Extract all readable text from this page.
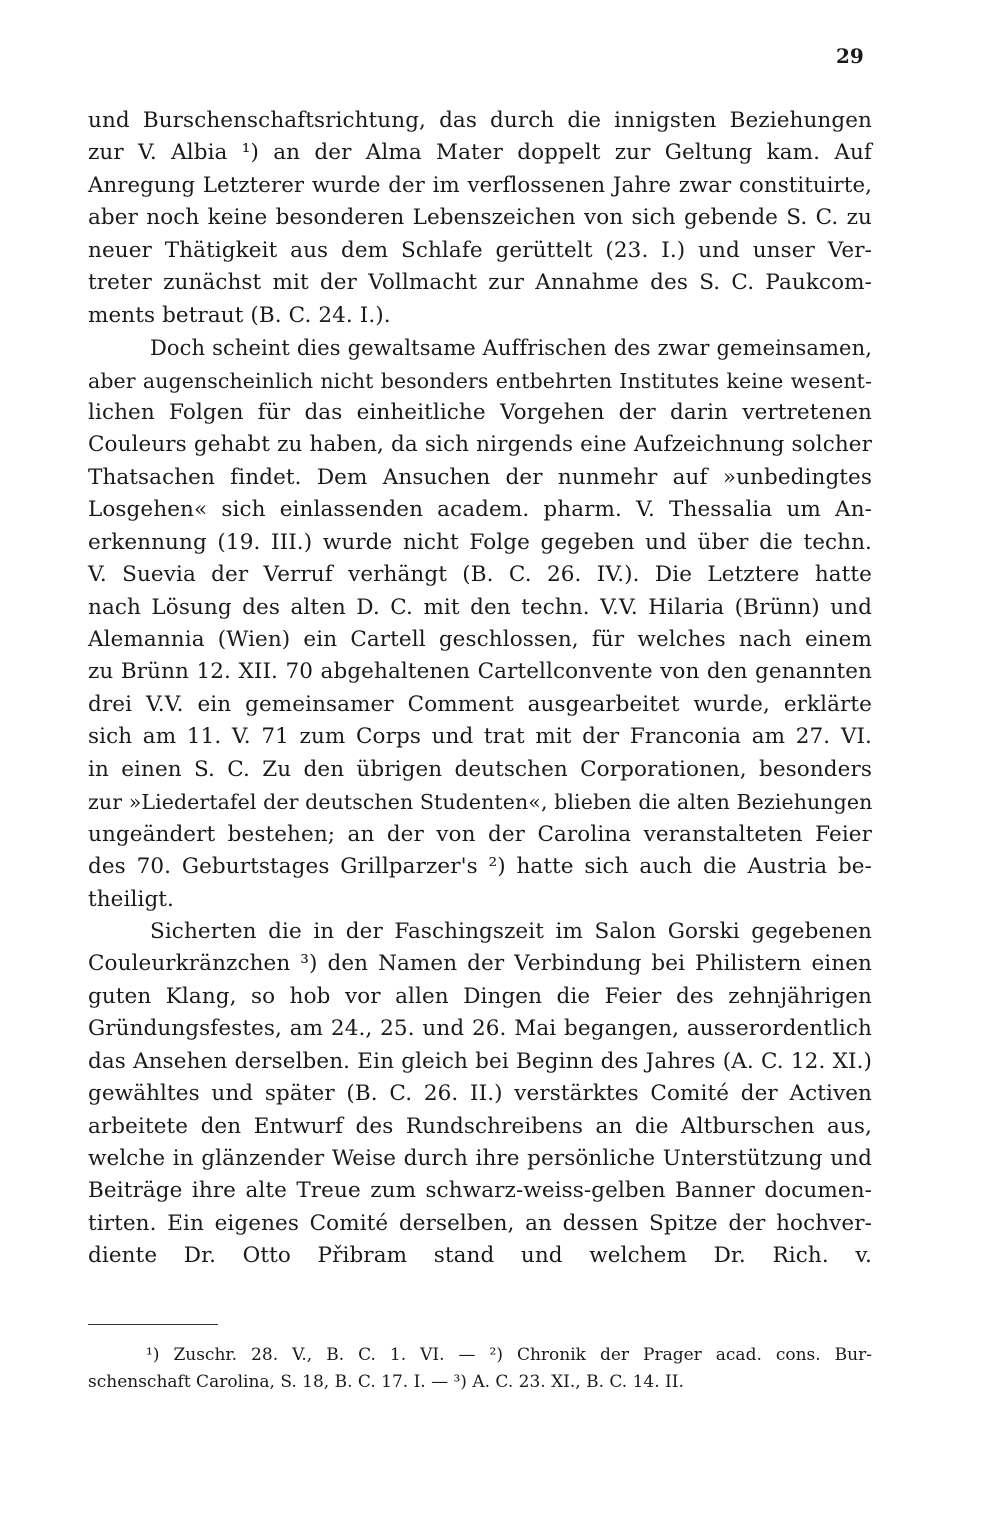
29
und Burschenschaftsrichtung, das durch die innigsten Beziehungen
zur V. Albia ¹) an der Alma Mater doppelt zur Geltung kam. Auf
Anregung Letzterer wurde der im verflossenen Jahre zwar constituirte,
aber noch keine besonderen Lebenszeichen von sich gebende S. C. zu
neuer Thätigkeit aus dem Schlafe gerüttelt (23. I.) und unser Ver-
treter zunächst mit der Vollmacht zur Annahme des S. C. Paukcom-
ments betraut (B. C. 24. I.).
Doch scheint dies gewaltsame Auffrischen des zwar gemeinsamen,
aber augenscheinlich nicht besonders entbehrten Institutes keine wesent-
lichen Folgen für das einheitliche Vorgehen der darin vertretenen
Couleurs gehabt zu haben, da sich nirgends eine Aufzeichnung solcher
Thatsachen findet. Dem Ansuchen der nunmehr auf »unbedingtes
Losgehen« sich einlassenden academ. pharm. V. Thessalia um An-
erkennung (19. III.) wurde nicht Folge gegeben und über die techn.
V. Suevia der Verruf verhängt (B. C. 26. IV.). Die Letztere hatte
nach Lösung des alten D. C. mit den techn. V.V. Hilaria (Brünn) und
Alemannia (Wien) ein Cartell geschlossen, für welches nach einem
zu Brünn 12. XII. 70 abgehaltenen Cartellconvente von den genannten
drei V.V. ein gemeinsamer Comment ausgearbeitet wurde, erklärte
sich am 11. V. 71 zum Corps und trat mit der Franconia am 27. VI.
in einen S. C. Zu den übrigen deutschen Corporationen, besonders
zur »Liedertafel der deutschen Studenten«, blieben die alten Beziehungen
ungeändert bestehen; an der von der Carolina veranstalteten Feier
des 70. Geburtstages Grillparzer's ²) hatte sich auch die Austria be-
theiligt.
Sicherten die in der Faschingszeit im Salon Gorski gegebenen
Couleurkränzchen ³) den Namen der Verbindung bei Philistern einen
guten Klang, so hob vor allen Dingen die Feier des zehnjährigen
Gründungsfestes, am 24., 25. und 26. Mai begangen, ausserordentlich
das Ansehen derselben. Ein gleich bei Beginn des Jahres (A. C. 12. XI.)
gewähltes und später (B. C. 26. II.) verstärktes Comité der Activen
arbeitete den Entwurf des Rundschreibens an die Altburschen aus,
welche in glänzender Weise durch ihre persönliche Unterstützung und
Beiträge ihre alte Treue zum schwarz-weiss-gelben Banner documen-
tirten. Ein eigenes Comité derselben, an dessen Spitze der hochver-
diente Dr. Otto Přibram stand und welchem Dr. Rich. v.
¹) Zuschr. 28. V., B. C. 1. VI. — ²) Chronik der Prager acad. cons. Bur-
schenschaft Carolina, S. 18, B. C. 17. I. — ³) A. C. 23. XI., B. C. 14. II.
